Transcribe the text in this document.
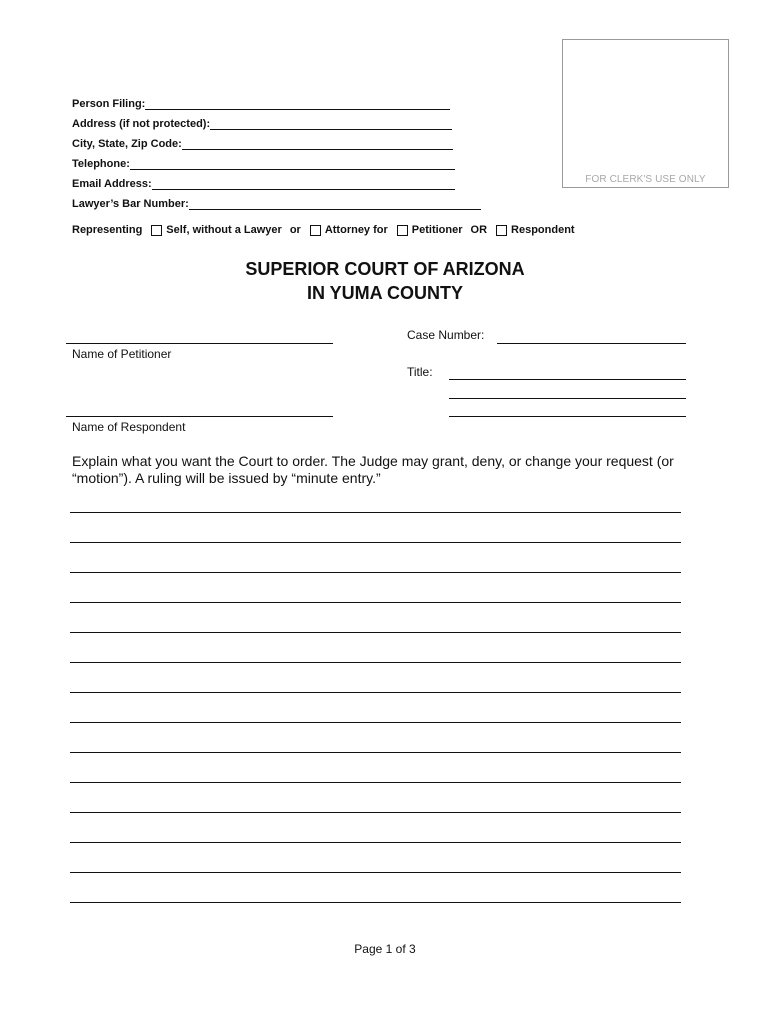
FOR CLERK'S USE ONLY
Person Filing:
Address (if not protected):
City, State, Zip Code:
Telephone:
Email Address:
Lawyer’s Bar Number:
Representing Self, without a Lawyer or Attorney for Petitioner OR Respondent
SUPERIOR COURT OF ARIZONA
IN YUMA COUNTY
Name of Petitioner
Case Number:
Title:
Name of Respondent
Explain what you want the Court to order. The Judge may grant, deny, or change your request (or “motion”). A ruling will be issued by “minute entry.”
Page 1 of 3
